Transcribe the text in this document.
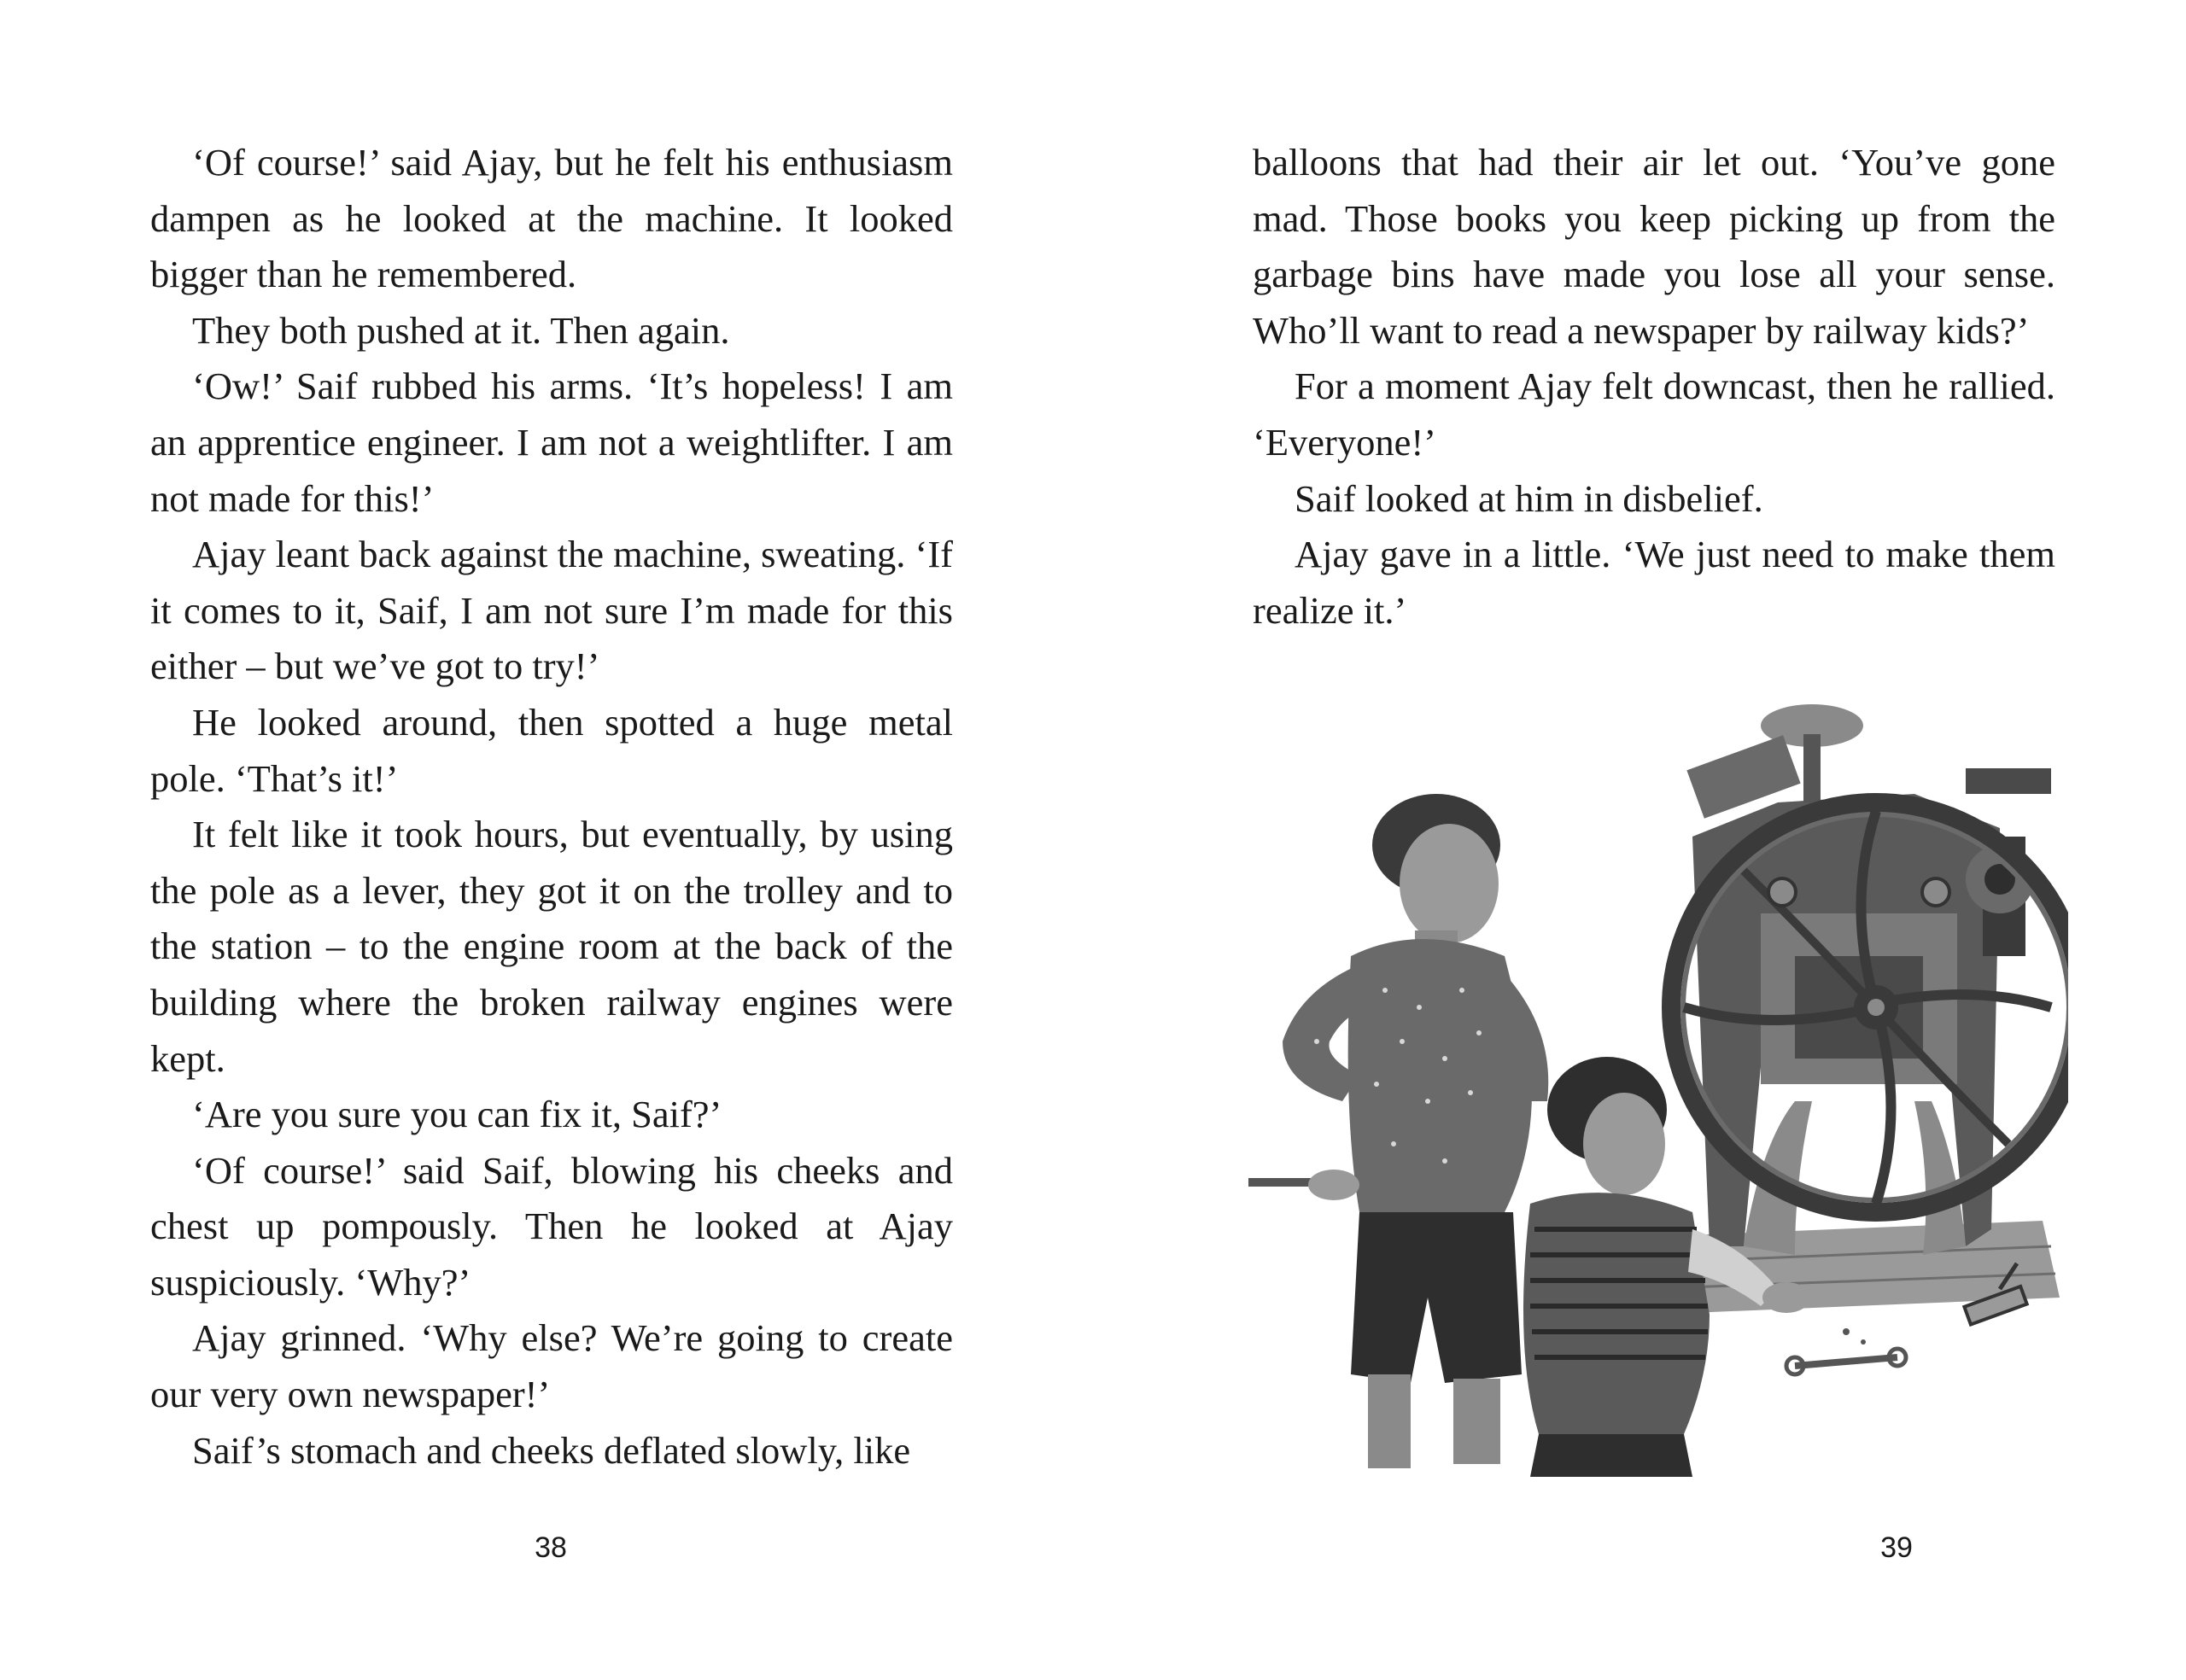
‘Of course!’ said Ajay, but he felt his enthusiasm dampen as he looked at the machine. It looked bigger than he remembered.

They both pushed at it. Then again.

‘Ow!’ Saif rubbed his arms. ‘It’s hopeless! I am an apprentice engineer. I am not a weightlifter. I am not made for this!’

Ajay leant back against the machine, sweating. ‘If it comes to it, Saif, I am not sure I’m made for this either – but we’ve got to try!’

He looked around, then spotted a huge metal pole. ‘That’s it!’

It felt like it took hours, but eventually, by using the pole as a lever, they got it on the trolley and to the station – to the engine room at the back of the building where the broken railway engines were kept.

‘Are you sure you can fix it, Saif?’

‘Of course!’ said Saif, blowing his cheeks and chest up pompously. Then he looked at Ajay suspiciously. ‘Why?’

Ajay grinned. ‘Why else? We’re going to create our very own newspaper!’

Saif’s stomach and cheeks deflated slowly, like

38

balloons that had their air let out. ‘You’ve gone mad. Those books you keep picking up from the garbage bins have made you lose all your sense. Who’ll want to read a newspaper by railway kids?’

For a moment Ajay felt downcast, then he rallied. ‘Everyone!’

Saif looked at him in disbelief.

Ajay gave in a little. ‘We just need to make them realize it.’

39
